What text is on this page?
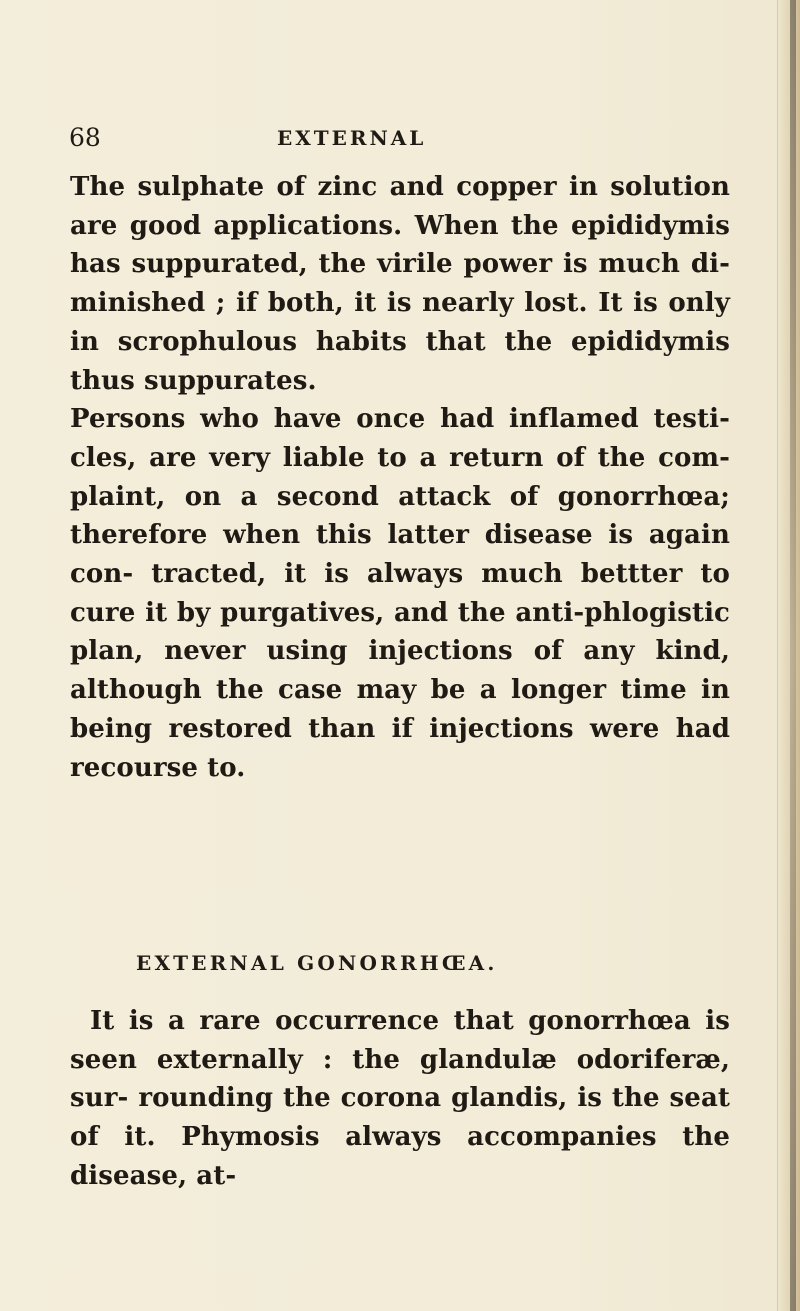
68	EXTERNAL

The sulphate of zinc and copper in solution are good applications. When the epididymis has suppurated, the virile power is much di- minished ; if both, it is nearly lost. It is only in scrophulous habits that the epididymis thus suppurates.

Persons who have once had inflamed testi- cles, are very liable to a return of the com- plaint, on a second attack of gonorrhœa; therefore when this latter disease is again con- tracted, it is always much bettter to cure it by purgatives, and the anti-phlogistic plan, never using injections of any kind, although the case may be a longer time in being restored than if injections were had recourse to.

EXTERNAL GONORRHŒA.

It is a rare occurrence that gonorrhœa is seen externally : the glandulæ odoriferæ, sur- rounding the corona glandis, is the seat of it. Phymosis always accompanies the disease, at-
